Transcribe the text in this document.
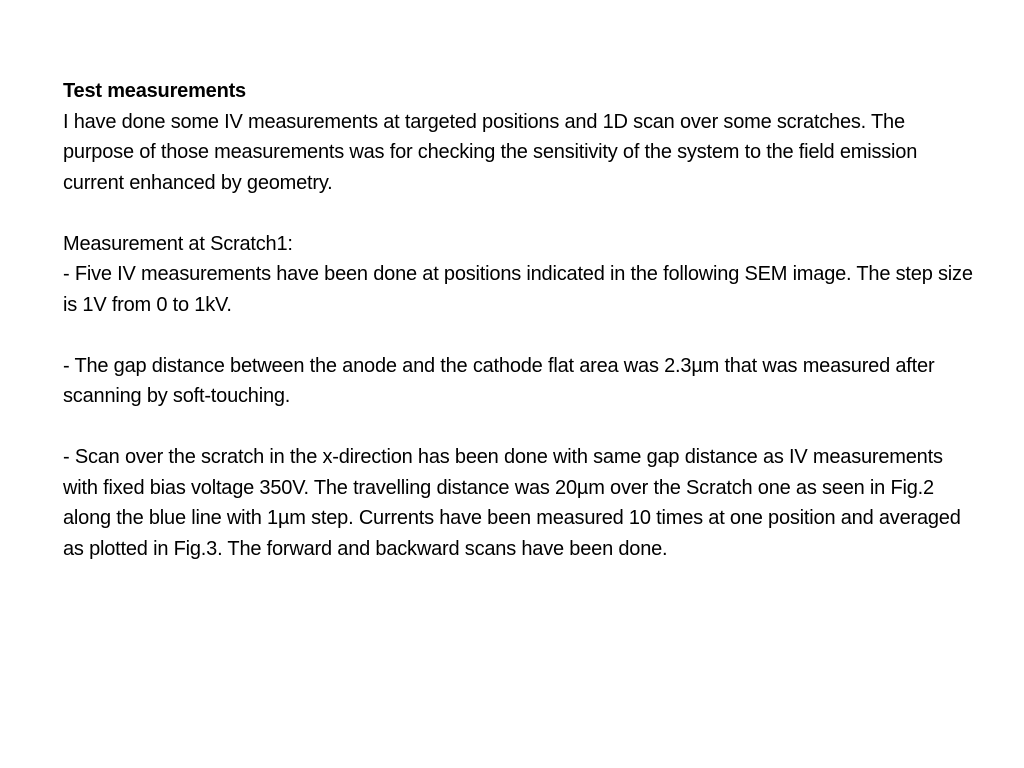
Test measurements

I have done some IV measurements at targeted positions and 1D scan over some scratches. The purpose of those measurements was for checking the sensitivity of the system to the field emission current enhanced by geometry.

Measurement at Scratch1:

- Five IV measurements have been done at positions indicated in the following SEM image. The step size is 1V from 0 to 1kV.

- The gap distance between the anode and the cathode flat area was 2.3µm that was measured after scanning by soft-touching.

- Scan over the scratch in the x-direction has been done with same gap distance as IV measurements with fixed bias voltage 350V. The travelling distance was 20µm over the Scratch one as seen in Fig.2 along the blue line with 1µm step. Currents have been measured 10 times at one position and averaged as plotted in Fig.3. The forward and backward scans have been done.
